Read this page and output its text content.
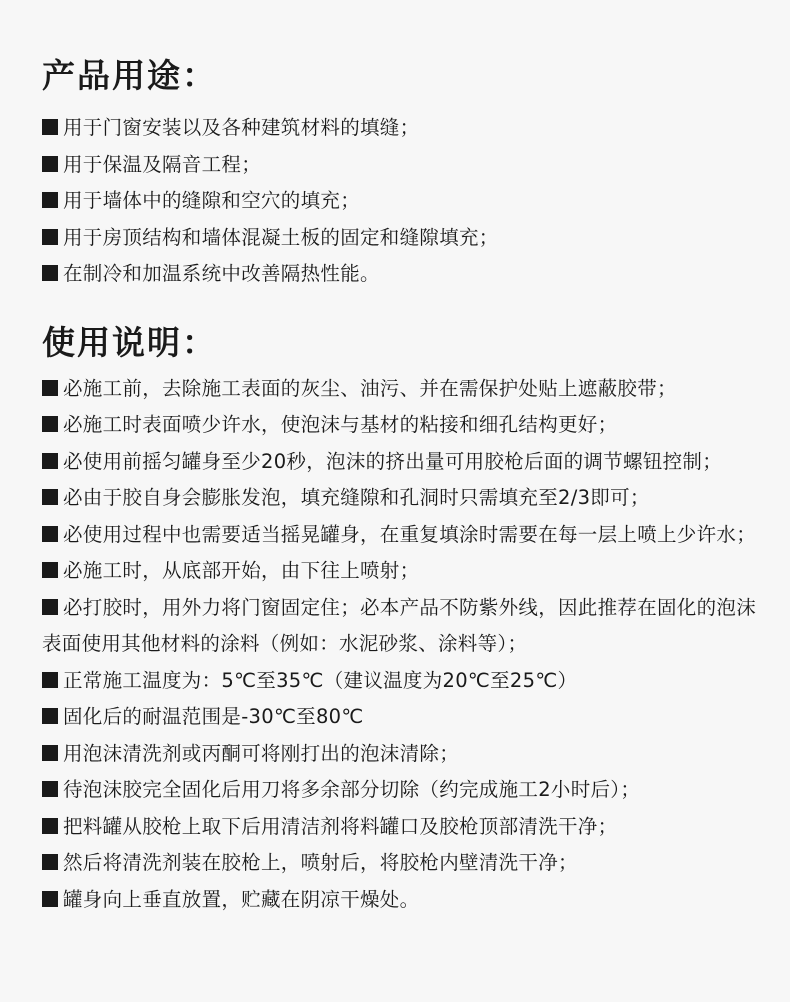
产品用途：
用于门窗安装以及各种建筑材料的填缝；
用于保温及隔音工程；
用于墙体中的缝隙和空穴的填充；
用于房顶结构和墙体混凝土板的固定和缝隙填充；
在制冷和加温系统中改善隔热性能。
使用说明：
必施工前，去除施工表面的灰尘、油污、并在需保护处贴上遮蔽胶带；
必施工时表面喷少许水，使泡沫与基材的粘接和细孔结构更好；
必使用前摇匀罐身至少20秒，泡沫的挤出量可用胶枪后面的调节螺钮控制；
必由于胶自身会膨胀发泡，填充缝隙和孔洞时只需填充至2/3即可；
必使用过程中也需要适当摇晃罐身，在重复填涂时需要在每一层上喷上少许水；
必施工时，从底部开始，由下往上喷射；
必打胶时，用外力将门窗固定住；必本产品不防紫外线，因此推荐在固化的泡沫表面使用其他材料的涂料（例如：水泥砂浆、涂料等）；
正常施工温度为：5℃至35℃（建议温度为20℃至25℃）
固化后的耐温范围是-30℃至80℃
用泡沫清洗剂或丙酮可将刚打出的泡沫清除；
待泡沫胶完全固化后用刀将多余部分切除（约完成施工2小时后）；
把料罐从胶枪上取下后用清洁剂将料罐口及胶枪顶部清洗干净；
然后将清洗剂装在胶枪上，喷射后，将胶枪内壁清洗干净；
罐身向上垂直放置，贮藏在阴凉干燥处。
